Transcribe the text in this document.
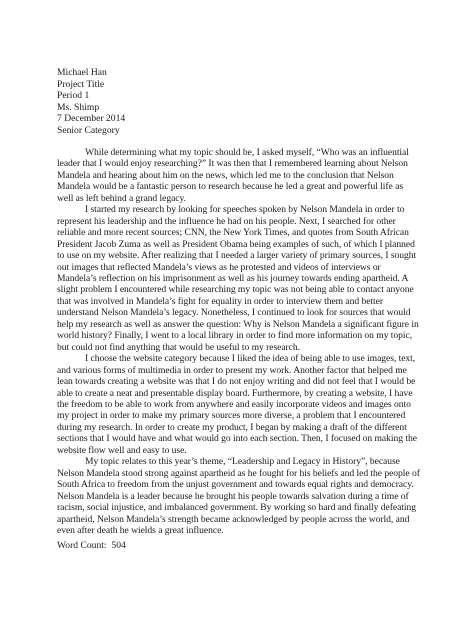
Michael Han
Project Title
Period 1
Ms. Shimp
7 December 2014
Senior Category

While determining what my topic should be, I asked myself, “Who was an influential leader that I would enjoy researching?” It was then that I remembered learning about Nelson Mandela and hearing about him on the news, which led me to the conclusion that Nelson Mandela would be a fantastic person to research because he led a great and powerful life as well as left behind a grand legacy.

I started my research by looking for speeches spoken by Nelson Mandela in order to represent his leadership and the influence he had on his people. Next, I searched for other reliable and more recent sources; CNN, the New York Times, and quotes from South African President Jacob Zuma as well as President Obama being examples of such, of which I planned to use on my website. After realizing that I needed a larger variety of primary sources, I sought out images that reflected Mandela’s views as he protested and videos of interviews or Mandela’s reflection on his imprisonment as well as his journey towards ending apartheid. A slight problem I encountered while researching my topic was not being able to contact anyone that was involved in Mandela’s fight for equality in order to interview them and better understand Nelson Mandela’s legacy. Nonetheless, I continued to look for sources that would help my research as well as answer the question: Why is Nelson Mandela a significant figure in world history? Finally, I went to a local library in order to find more information on my topic, but could not find anything that would be useful to my research.

I choose the website category because I liked the idea of being able to use images, text, and various forms of multimedia in order to present my work. Another factor that helped me lean towards creating a website was that I do not enjoy writing and did not feel that I would be able to create a neat and presentable display board. Furthermore, by creating a website, I have the freedom to be able to work from anywhere and easily incorporate videos and images onto my project in order to make my primary sources more diverse, a problem that I encountered during my research. In order to create my product, I began by making a draft of the different sections that I would have and what would go into each section. Then, I focused on making the website flow well and easy to use.

My topic relates to this year’s theme, “Leadership and Legacy in History”, because Nelson Mandela stood strong against apartheid as he fought for his beliefs and led the people of South Africa to freedom from the unjust government and towards equal rights and democracy. Nelson Mandela is a leader because he brought his people towards salvation during a time of racism, social injustice, and imbalanced government. By working so hard and finally defeating apartheid, Nelson Mandela’s strength became acknowledged by people across the world, and even after death he wields a great influence.

Word Count:  504
